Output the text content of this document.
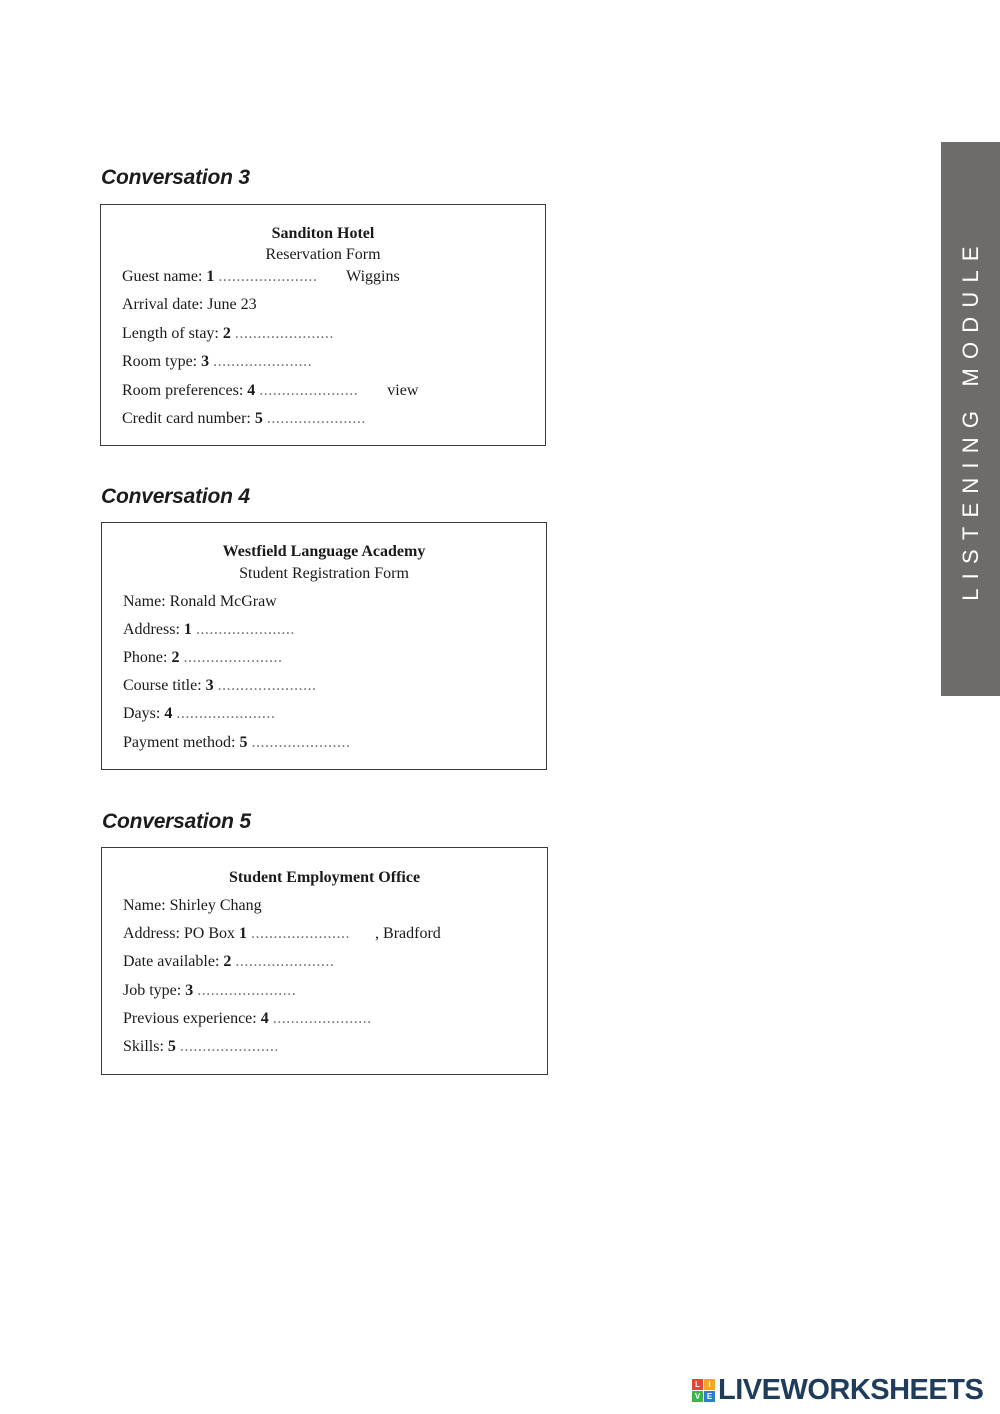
Conversation 3
Sanditon Hotel
Reservation Form
Guest name: 1 ......................	Wiggins
Arrival date: June 23
Length of stay: 2 ......................
Room type: 3 ......................
Room preferences: 4 ......................	view
Credit card number: 5 ......................
Conversation 4
Westfield Language Academy
Student Registration Form
Name: Ronald McGraw
Address: 1 ......................
Phone: 2 ......................
Course title: 3 ......................
Days: 4 ......................
Payment method: 5 ......................
Conversation 5
Student Employment Office
Name: Shirley Chang
Address: PO Box 1 ......................	, Bradford
Date available: 2 ......................
Job type: 3 ......................
Previous experience: 4 ......................
Skills: 5 ......................
LISTENING MODULE
L	I
V E LIVEWORKSHEETS
